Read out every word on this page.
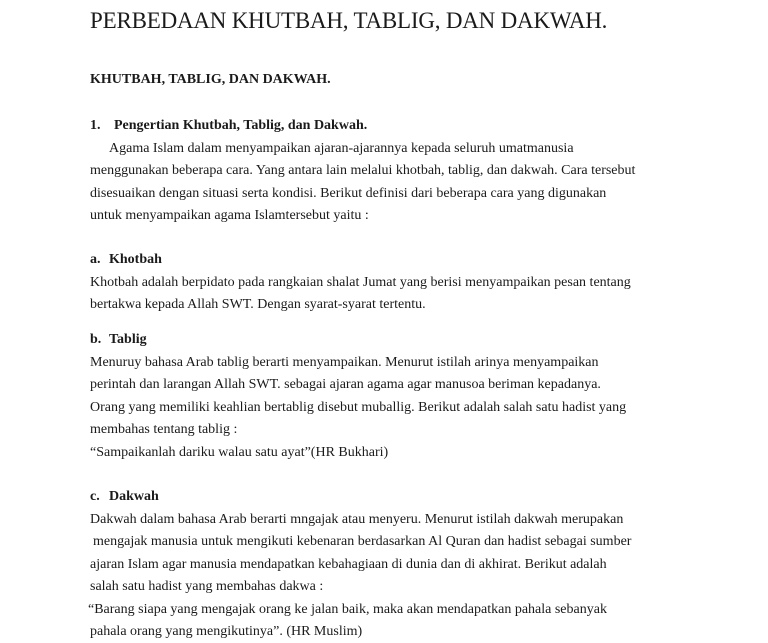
PERBEDAAN KHUTBAH, TABLIG, DAN DAKWAH.
KHUTBAH, TABLIG, DAN DAKWAH.
1. Pengertian Khutbah, Tablig, dan Dakwah.
Agama Islam dalam menyampaikan ajaran-ajarannya kepada seluruh umatmanusia
menggunakan beberapa cara. Yang antara lain melalui khotbah, tablig, dan dakwah. Cara tersebut
disesuaikan dengan situasi serta kondisi. Berikut definisi dari beberapa cara yang digunakan
untuk menyampaikan agama Islamtersebut yaitu :
a. Khotbah
Khotbah adalah berpidato pada rangkaian shalat Jumat yang berisi menyampaikan pesan tentang
bertakwa kepada Allah SWT. Dengan syarat-syarat tertentu.
b. Tablig
Menuruy bahasa Arab tablig berarti menyampaikan. Menurut istilah arinya menyampaikan
perintah dan larangan Allah SWT. sebagai ajaran agama agar manusoa beriman kepadanya.
Orang yang memiliki keahlian bertablig disebut muballig. Berikut adalah salah satu hadist yang
membahas tentang tablig :
“Sampaikanlah dariku walau satu ayat”(HR Bukhari)
c. Dakwah
Dakwah dalam bahasa Arab berarti mngajak atau menyeru. Menurut istilah dakwah merupakan
mengajak manusia untuk mengikuti kebenaran berdasarkan Al Quran dan hadist sebagai sumber
ajaran Islam agar manusia mendapatkan kebahagiaan di dunia dan di akhirat. Berikut adalah
salah satu hadist yang membahas dakwa :
“Barang siapa yang mengajak orang ke jalan baik, maka akan mendapatkan pahala sebanyak
pahala orang yang mengikutinya”. (HR Muslim)
